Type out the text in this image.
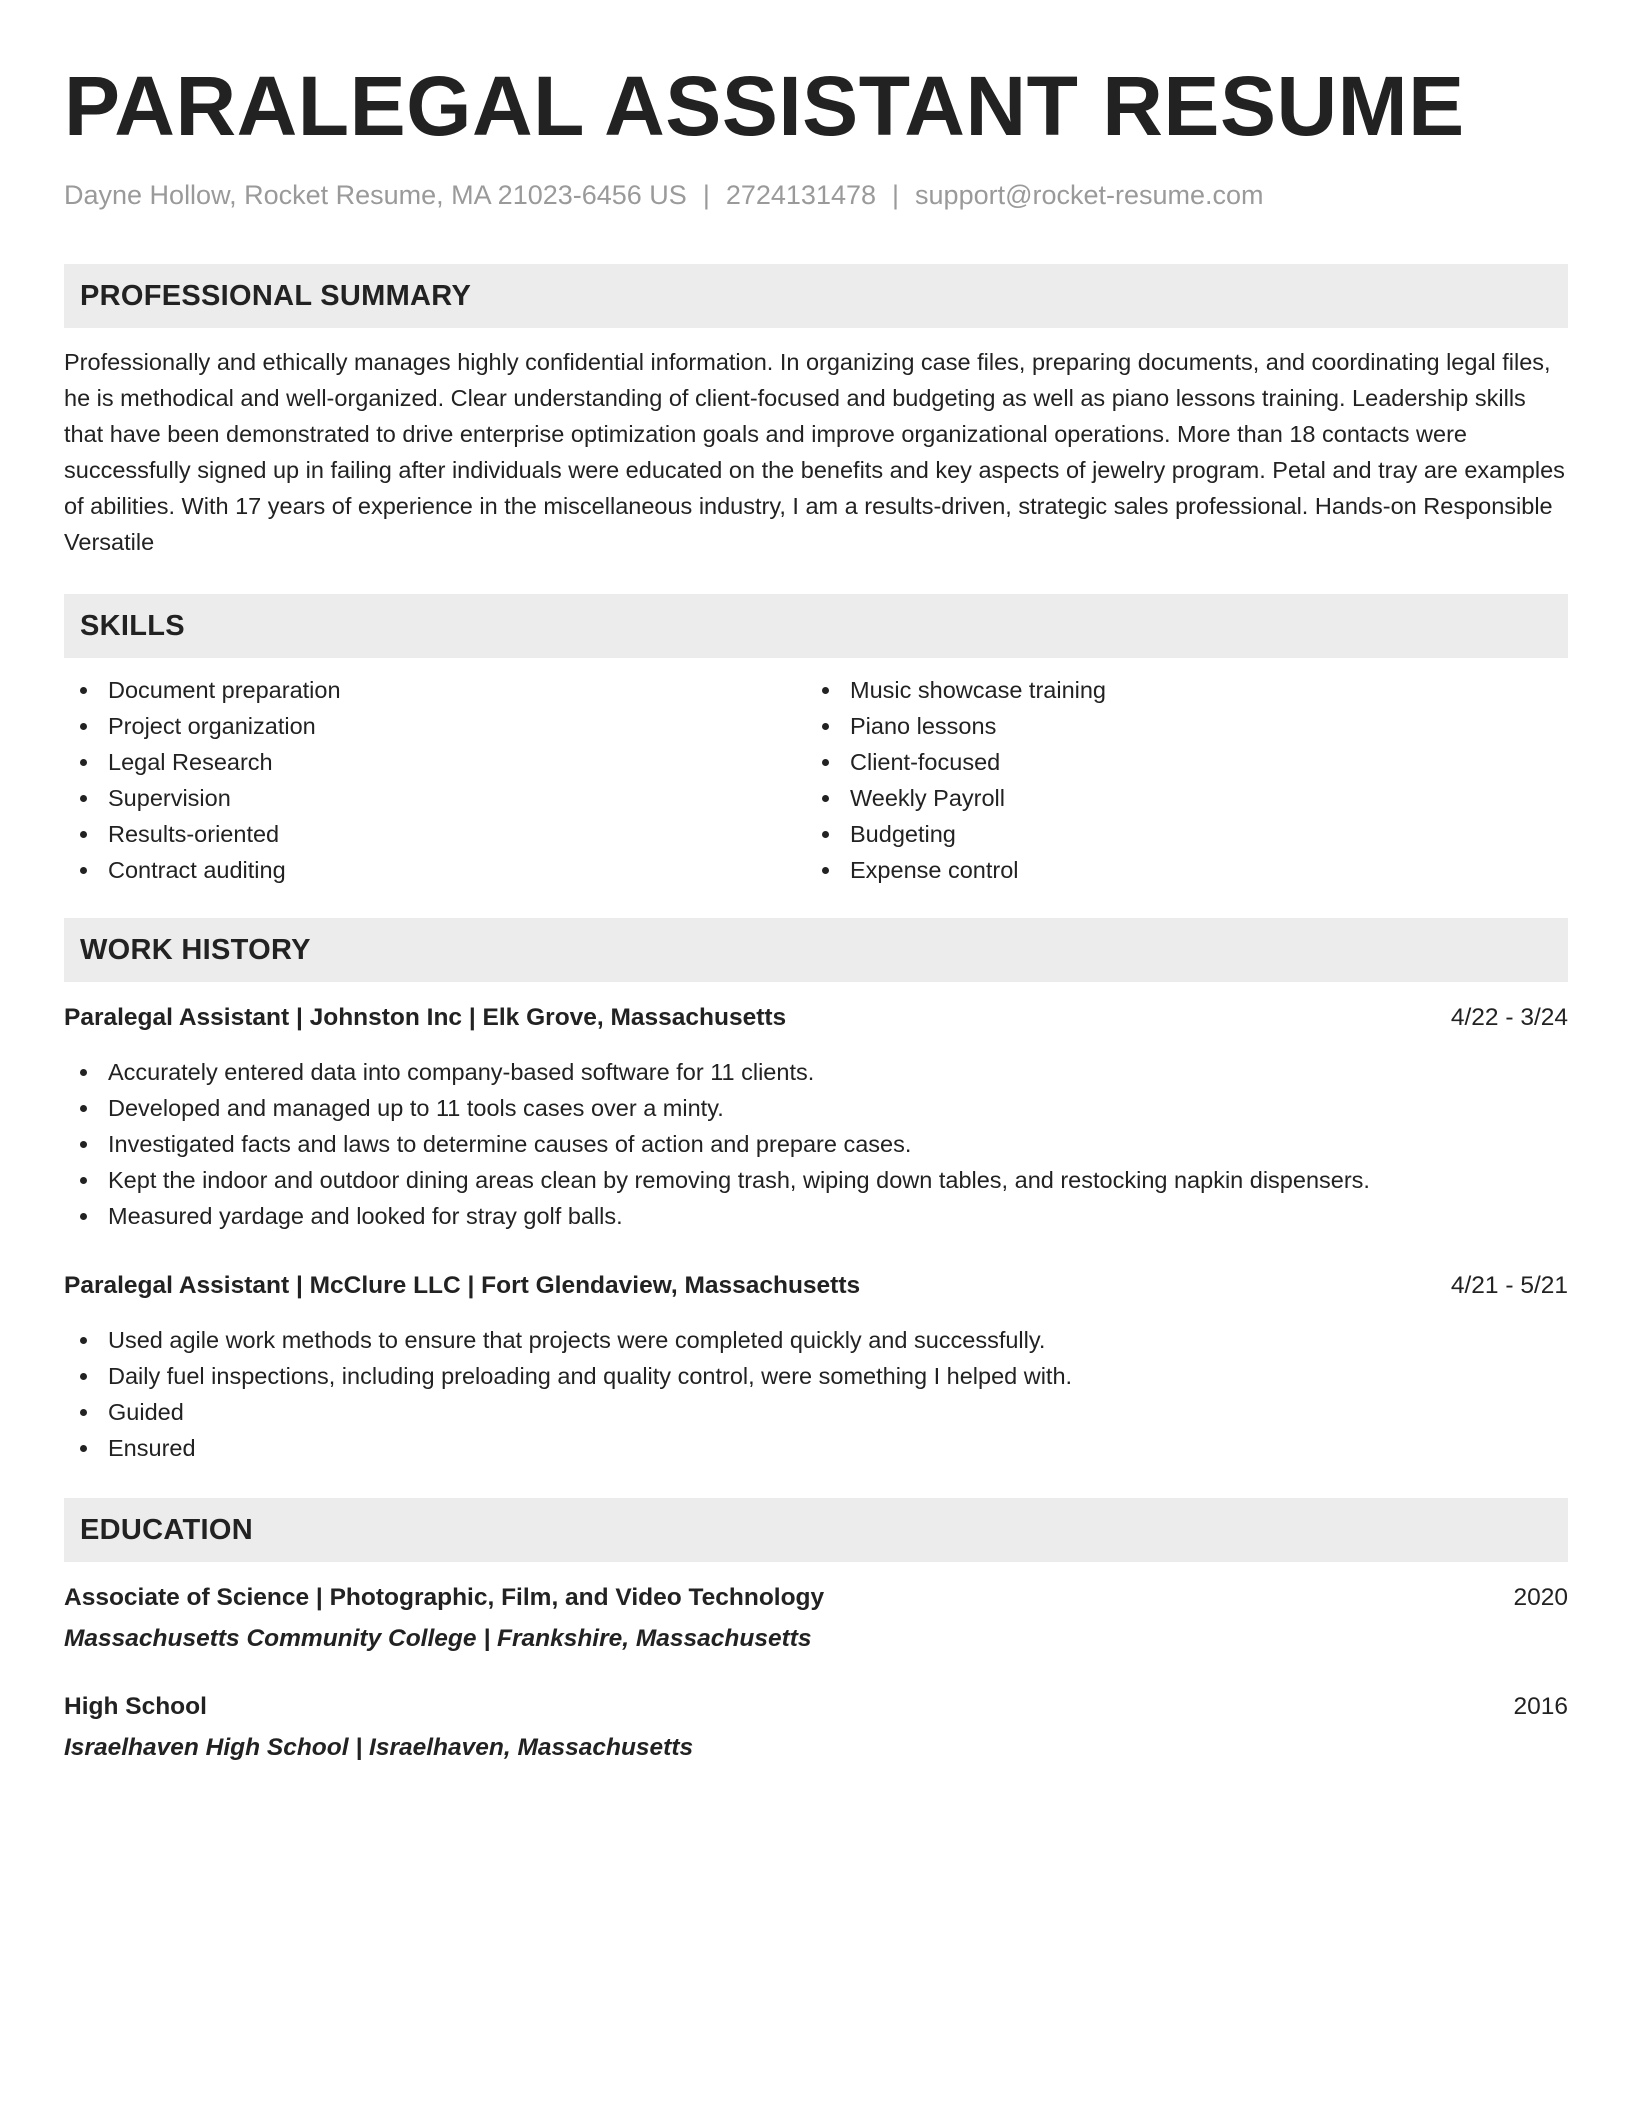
PARALEGAL ASSISTANT RESUME
Dayne Hollow, Rocket Resume, MA 21023-6456 US | 2724131478 | support@rocket-resume.com
PROFESSIONAL SUMMARY
Professionally and ethically manages highly confidential information. In organizing case files, preparing documents, and coordinating legal files, he is methodical and well-organized. Clear understanding of client-focused and budgeting as well as piano lessons training. Leadership skills that have been demonstrated to drive enterprise optimization goals and improve organizational operations. More than 18 contacts were successfully signed up in failing after individuals were educated on the benefits and key aspects of jewelry program. Petal and tray are examples of abilities. With 17 years of experience in the miscellaneous industry, I am a results-driven, strategic sales professional. Hands-on Responsible Versatile
SKILLS
Document preparation
Project organization
Legal Research
Supervision
Results-oriented
Contract auditing
Music showcase training
Piano lessons
Client-focused
Weekly Payroll
Budgeting
Expense control
WORK HISTORY
Paralegal Assistant | Johnston Inc | Elk Grove, Massachusetts	4/22 - 3/24
Accurately entered data into company-based software for 11 clients.
Developed and managed up to 11 tools cases over a minty.
Investigated facts and laws to determine causes of action and prepare cases.
Kept the indoor and outdoor dining areas clean by removing trash, wiping down tables, and restocking napkin dispensers.
Measured yardage and looked for stray golf balls.
Paralegal Assistant | McClure LLC | Fort Glendaview, Massachusetts	4/21 - 5/21
Used agile work methods to ensure that projects were completed quickly and successfully.
Daily fuel inspections, including preloading and quality control, were something I helped with.
Guided
Ensured
EDUCATION
Associate of Science | Photographic, Film, and Video Technology	2020
Massachusetts Community College | Frankshire, Massachusetts
High School	2016
Israelhaven High School | Israelhaven, Massachusetts
